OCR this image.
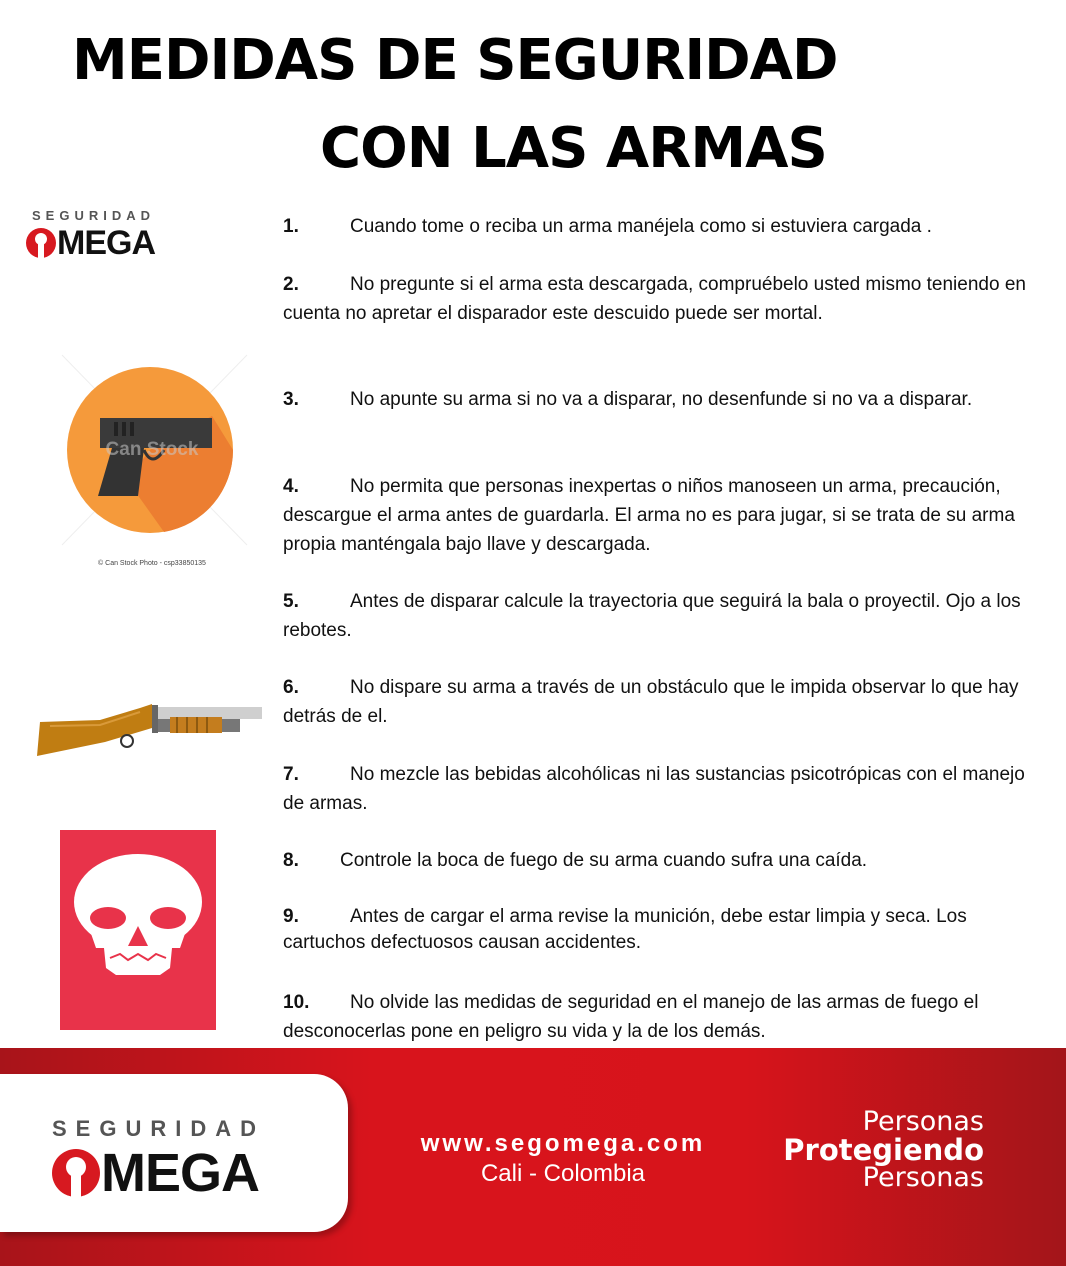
MEDIDAS DE SEGURIDAD
CON LAS ARMAS
SEGURIDAD
MEGA
Can Stock
© Can Stock Photo - csp33850135
1.	Cuando tome o reciba un arma manéjela como si estuviera cargada .
2.	No pregunte si el arma esta descargada, compruébelo usted mismo teniendo en cuenta no apretar el disparador este descuido puede ser mortal.
3.	No apunte su arma si no va a disparar, no desenfunde si no va a disparar.
4.	No permita que personas inexpertas o niños manoseen un arma, precaución, descargue el arma antes de guardarla. El arma no es para jugar, si se trata de su arma propia manténgala bajo llave y descargada.
5.	Antes de disparar calcule la trayectoria que seguirá la bala o proyectil. Ojo a los rebotes.
6.	No dispare su arma a través de un obstáculo que le impida observar lo que hay detrás de el.
7.	No mezcle las bebidas alcohólicas ni las sustancias psicotrópicas con el manejo de armas.
8. Controle la boca de fuego de su arma cuando sufra una caída.
9.	Antes de cargar el arma revise la munición, debe estar limpia y seca. Los cartuchos defectuosos causan accidentes.
10. No olvide las medidas de seguridad en el manejo de las armas de fuego el desconocerlas pone en peligro su vida y la de los demás.
SEGURIDAD
MEGA	www.segomega.com
Cali - Colombia
Personas
Protegiendo
Personas
